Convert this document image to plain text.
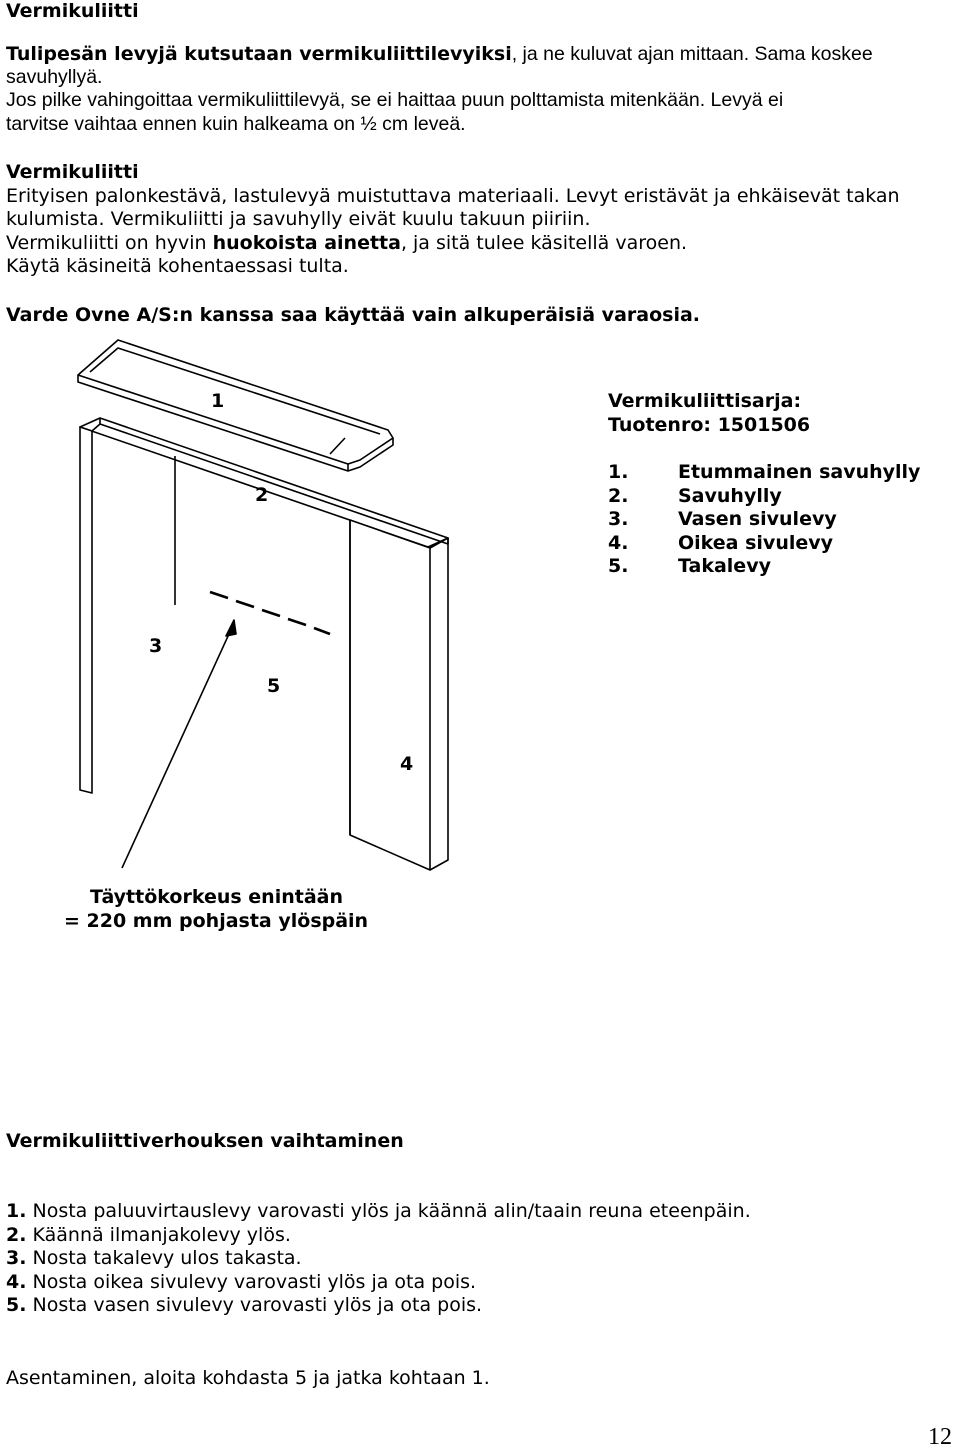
Vermikuliitti
Tulipesän levyjä kutsutaan vermikuliittilevyiksi, ja ne kuluvat ajan mittaan. Sama koskee
savuhyllyä.
Jos pilke vahingoittaa vermikuliittilevyä, se ei haittaa puun polttamista mitenkään. Levyä ei
tarvitse vaihtaa ennen kuin halkeama on ½ cm leveä.
Vermikuliitti
Erityisen palonkestävä, lastulevyä muistuttava materiaali. Levyt eristävät ja ehkäisevät takan
kulumista. Vermikuliitti ja savuhylly eivät kuulu takuun piiriin.
Vermikuliitti on hyvin huokoista ainetta, ja sitä tulee käsitellä varoen.
Käytä käsineitä kohentaessasi tulta.
Varde Ovne A/S:n kanssa saa käyttää vain alkuperäisiä varaosia.
1
2
3
4
5
Vermikuliittisarja:
Tuotenro: 1501506
1.	Etummainen savuhylly
2.	Savuhylly
3.	Vasen sivulevy
4.	Oikea sivulevy
5.	Takalevy
Täyttökorkeus enintään
= 220 mm pohjasta ylöspäin
Vermikuliittiverhouksen vaihtaminen
1. Nosta paluuvirtauslevy varovasti ylös ja käännä alin/taain reuna eteenpäin.
2. Käännä ilmanjakolevy ylös.
3. Nosta takalevy ulos takasta.
4. Nosta oikea sivulevy varovasti ylös ja ota pois.
5. Nosta vasen sivulevy varovasti ylös ja ota pois.
Asentaminen, aloita kohdasta 5 ja jatka kohtaan 1.
12
